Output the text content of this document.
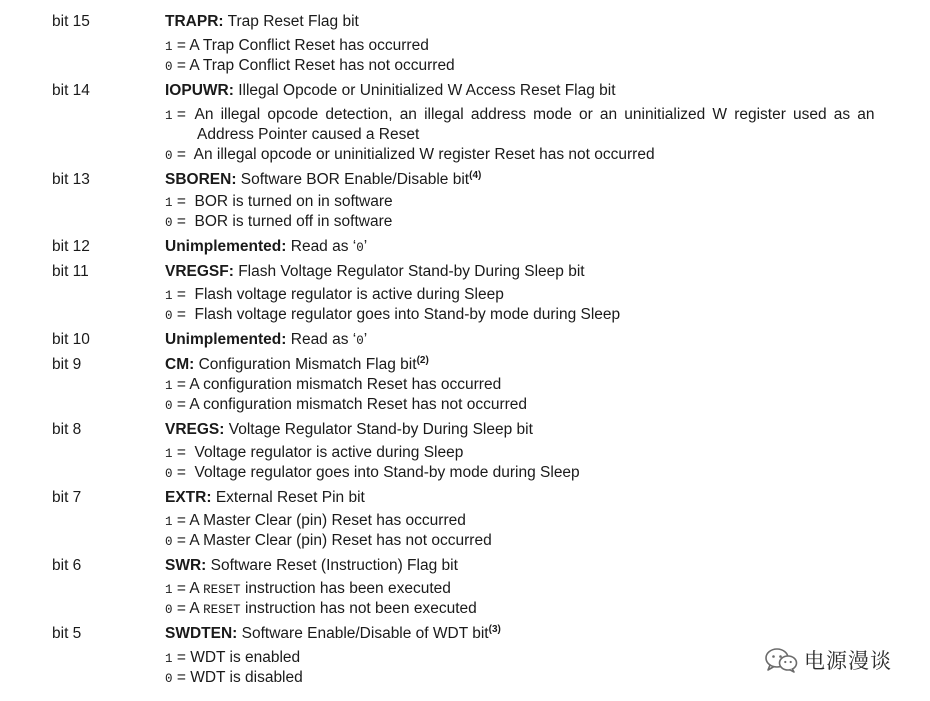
bit 15	TRAPR: Trap Reset Flag bit
1 = A Trap Conflict Reset has occurred
0 = A Trap Conflict Reset has not occurred
bit 14	IOPUWR: Illegal Opcode or Uninitialized W Access Reset Flag bit
1 =  An illegal opcode detection, an illegal address mode or an uninitialized W register used as an
Address Pointer caused a Reset
0 =  An illegal opcode or uninitialized W register Reset has not occurred
bit 13	SBOREN: Software BOR Enable/Disable bit$^{(4)}$
1 =  BOR is turned on in software
0 =  BOR is turned off in software
bit 12	Unimplemented: Read as ‘0’
bit 11	VREGSF: Flash Voltage Regulator Stand-by During Sleep bit
1 =  Flash voltage regulator is active during Sleep
0 =  Flash voltage regulator goes into Stand-by mode during Sleep
bit 10	Unimplemented: Read as ‘0’
bit 9	CM: Configuration Mismatch Flag bit$^{(2)}$
1 = A configuration mismatch Reset has occurred
0 = A configuration mismatch Reset has not occurred
bit 8	VREGS: Voltage Regulator Stand-by During Sleep bit
1 =  Voltage regulator is active during Sleep
0 =  Voltage regulator goes into Stand-by mode during Sleep
bit 7	EXTR: External Reset Pin bit
1 = A Master Clear (pin) Reset has occurred
0 = A Master Clear (pin) Reset has not occurred
bit 6	SWR: Software Reset (Instruction) Flag bit
1 = A RESET instruction has been executed
0 = A RESET instruction has not been executed
bit 5	SWDTEN: Software Enable/Disable of WDT bit$^{(3)}$
1 = WDT is enabled
0 = WDT is disabled
电源漫谈
